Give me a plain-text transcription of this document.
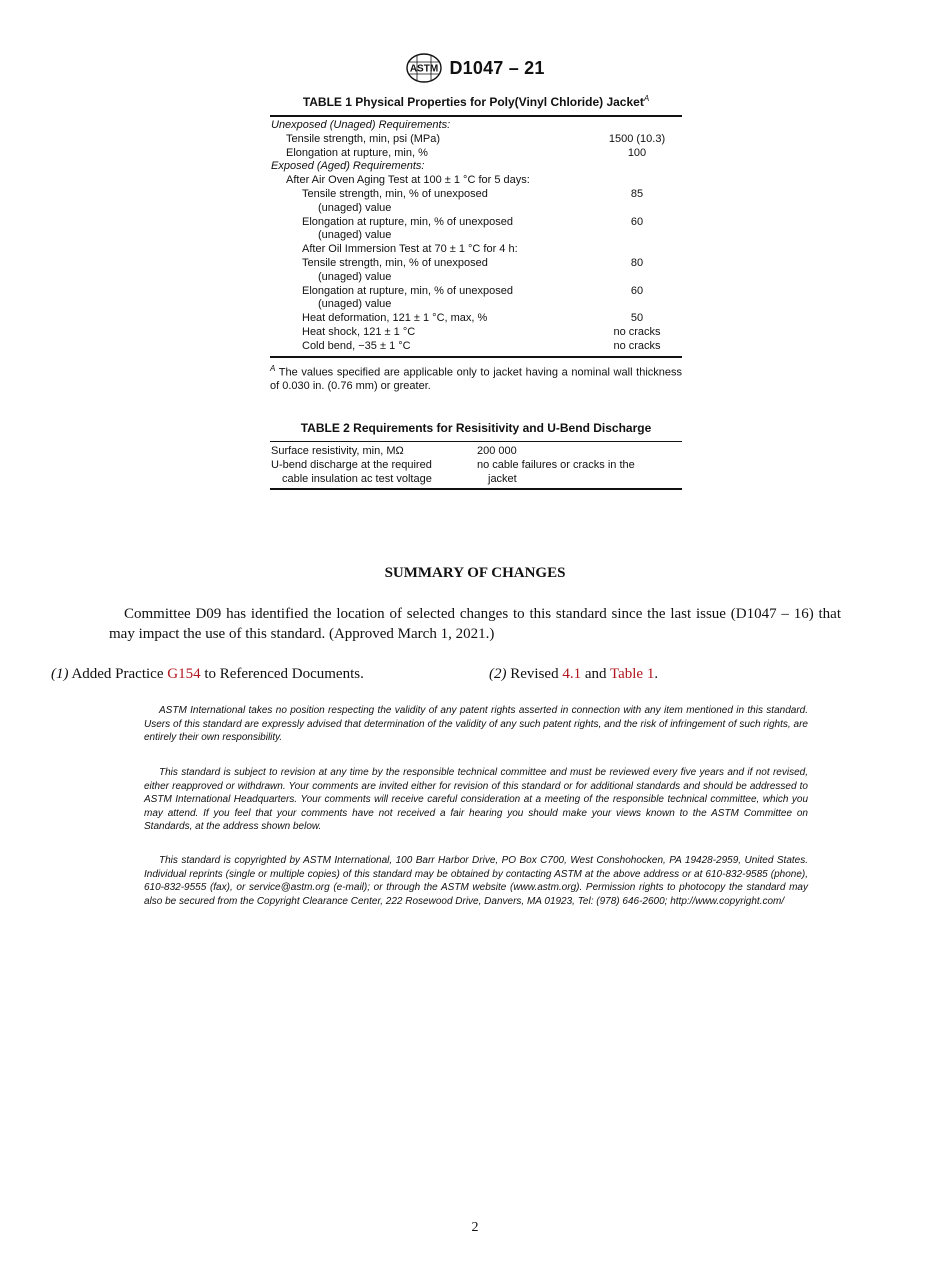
ASTM D1047 – 21
TABLE 1 Physical Properties for Poly(Vinyl Chloride) Jacket$^A$
Unexposed (Unaged) Requirements:
Tensile strength, min, psi (MPa)	1500 (10.3)
Elongation at rupture, min, %	100
Exposed (Aged) Requirements:
After Air Oven Aging Test at 100 ± 1 °C for 5 days:
Tensile strength, min, % of unexposed	85
(unaged) value
Elongation at rupture, min, % of unexposed	60
(unaged) value
After Oil Immersion Test at 70 ± 1 °C for 4 h:
Tensile strength, min, % of unexposed	80
(unaged) value
Elongation at rupture, min, % of unexposed	60
(unaged) value
Heat deformation, 121 ± 1 °C, max, %	50
Heat shock, 121 ± 1 °C	no cracks
Cold bend, −35 ± 1 °C	no cracks
$^A$ The values specified are applicable only to jacket having a nominal wall thickness of 0.030 in. (0.76 mm) or greater.
TABLE 2 Requirements for Resisitivity and U-Bend Discharge
Surface resistivity, min, MΩ	200 000
U-bend discharge at the required	no cable failures or cracks in the
cable insulation ac test voltage	jacket
SUMMARY OF CHANGES
Committee D09 has identified the location of selected changes to this standard since the last issue (D1047 – 16) that may impact the use of this standard. (Approved March 1, 2021.)
(1) Added Practice G154 to Referenced Documents.	(2) Revised 4.1 and Table 1.
ASTM International takes no position respecting the validity of any patent rights asserted in connection with any item mentioned in this standard. Users of this standard are expressly advised that determination of the validity of any such patent rights, and the risk of infringement of such rights, are entirely their own responsibility.
This standard is subject to revision at any time by the responsible technical committee and must be reviewed every five years and if not revised, either reapproved or withdrawn. Your comments are invited either for revision of this standard or for additional standards and should be addressed to ASTM International Headquarters. Your comments will receive careful consideration at a meeting of the responsible technical committee, which you may attend. If you feel that your comments have not received a fair hearing you should make your views known to the ASTM Committee on Standards, at the address shown below.
This standard is copyrighted by ASTM International, 100 Barr Harbor Drive, PO Box C700, West Conshohocken, PA 19428-2959, United States. Individual reprints (single or multiple copies) of this standard may be obtained by contacting ASTM at the above address or at 610-832-9585 (phone), 610-832-9555 (fax), or service@astm.org (e-mail); or through the ASTM website (www.astm.org). Permission rights to photocopy the standard may also be secured from the Copyright Clearance Center, 222 Rosewood Drive, Danvers, MA 01923, Tel: (978) 646-2600; http://www.copyright.com/
2
